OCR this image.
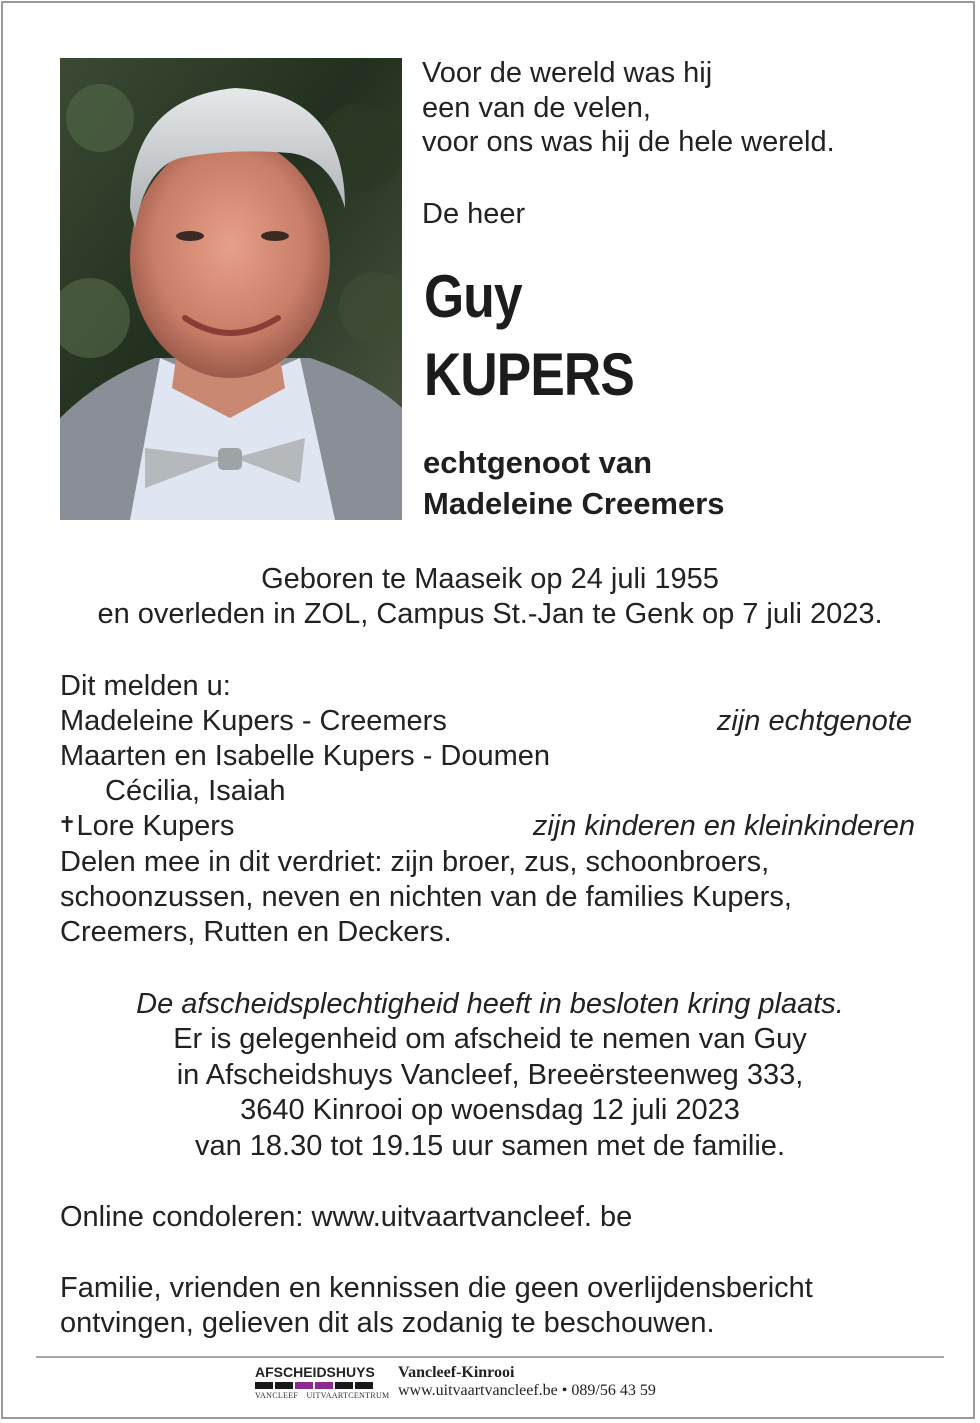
Voor de wereld was hij
een van de velen,
voor ons was hij de hele wereld.
De heer
Guy
KUPERS
echtgenoot van
Madeleine Creemers
Geboren te Maaseik op 24 juli 1955
en overleden in ZOL, Campus St.-Jan te Genk op 7 juli 2023.
Dit melden u:
Madeleine Kupers - Creemers	zijn echtgenote
Maarten en Isabelle Kupers - Doumen
Cécilia, Isaiah
✝Lore Kupers	zijn kinderen en kleinkinderen
Delen mee in dit verdriet: zijn broer, zus, schoonbroers,
schoonzussen, neven en nichten van de families Kupers,
Creemers, Rutten en Deckers.
De afscheidsplechtigheid heeft in besloten kring plaats.
Er is gelegenheid om afscheid te nemen van Guy
in Afscheidshuys Vancleef, Breeërsteenweg 333,
3640 Kinrooi op woensdag 12 juli 2023
van 18.30 tot 19.15 uur samen met de familie.
Online condoleren: www.uitvaartvancleef. be
Familie, vrienden en kennissen die geen overlijdensbericht
ontvingen, gelieven dit als zodanig te beschouwen.
AFSCHEIDSHUYS
VANCLEEF UITVAARTCENTRUM
Vancleef-Kinrooi
www.uitvaartvancleef.be • 089/56 43 59
